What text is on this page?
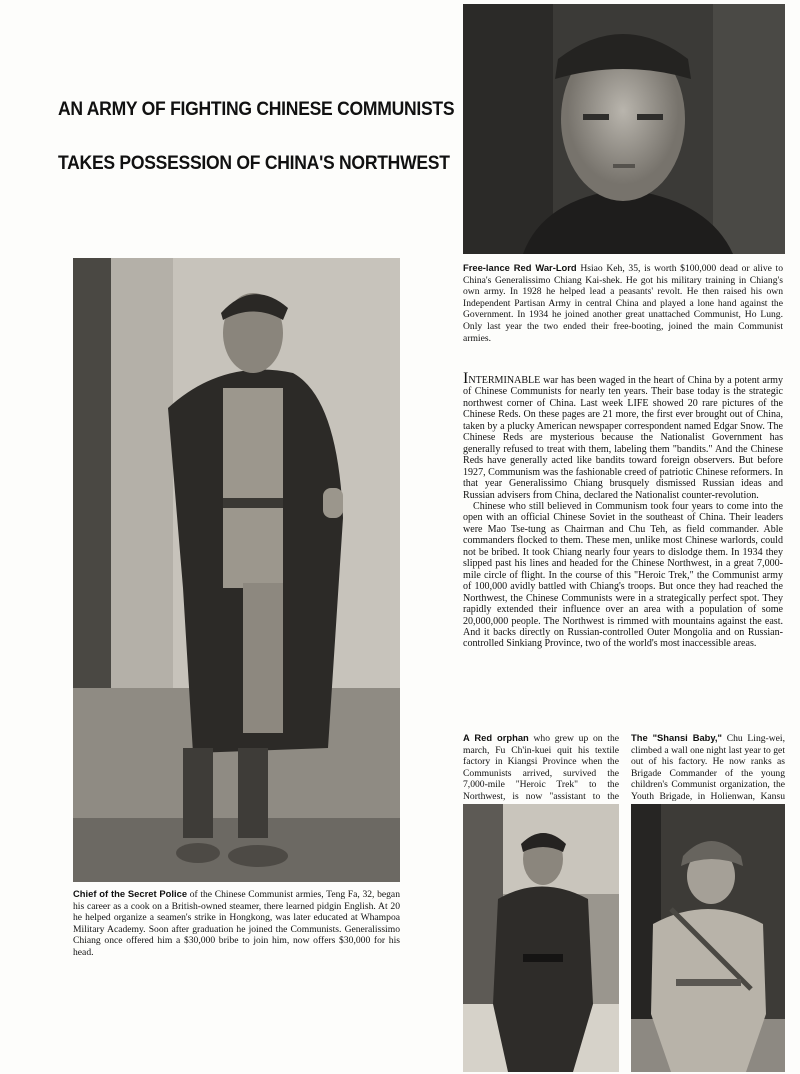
AN ARMY OF FIGHTING CHINESE COMMUNISTS
TAKES POSSESSION OF CHINA'S NORTHWEST
Free-lance Red War-Lord Hsiao Keh, 35, is worth $100,000 dead or alive to China's Generalissimo Chiang Kai-shek. He got his military training in Chiang's own army. In 1928 he helped lead a peasants' revolt. He then raised his own Independent Partisan Army in central China and played a lone hand against the Government. In 1934 he joined another great unattached Communist, Ho Lung. Only last year the two ended their free-booting, joined the main Communist armies.
Chief of the Secret Police of the Chinese Communist armies, Teng Fa, 32, began his career as a cook on a British-owned steamer, there learned pidgin English. At 20 he helped organize a seamen's strike in Hongkong, was later educated at Whampoa Military Academy. Soon after graduation he joined the Communists. Generalissimo Chiang once offered him a $30,000 bribe to join him, now offers $30,000 for his head.

INTERMINABLE war has been waged in the heart of China by a potent army of Chinese Communists for nearly ten years. Their base today is the strategic northwest corner of China. Last week LIFE showed 20 rare pictures of the Chinese Reds. On these pages are 21 more, the first ever brought out of China, taken by a plucky American newspaper correspondent named Edgar Snow. The Chinese Reds are mysterious because the Nationalist Government has generally refused to treat with them, labeling them "bandits." And the Chinese Reds have generally acted like bandits toward foreign observers. But before 1927, Communism was the fashionable creed of patriotic Chinese reformers. In that year Generalissimo Chiang brusquely dismissed Russian ideas and Russian advisers from China, declared the Nationalist counter-revolution.

Chinese who still believed in Communism took four years to come into the open with an official Chinese Soviet in the southeast of China. Their leaders were Mao Tse-tung as Chairman and Chu Teh, as field commander. Able commanders flocked to them. These men, unlike most Chinese warlords, could not be bribed. It took Chiang nearly four years to dislodge them. In 1934 they slipped past his lines and headed for the Chinese Northwest, in a great 7,000-mile circle of flight. In the course of this "Heroic Trek," the Communist army of 100,000 avidly battled with Chiang's troops. But once they had reached the Northwest, the Chinese Communists were in a strategically perfect spot. They rapidly extended their influence over an area with a population of some 20,000,000 people. The Northwest is rimmed with mountains against the east. And it backs directly on Russian-controlled Outer Mongolia and on Russian-controlled Sinkiang Province, two of the world's most inaccessible areas.

A Red orphan who grew up on the march, Fu Ch'in-kuei quit his textile factory in Kiangsi Province when the Communists arrived, survived the 7,000-mile "Heroic Trek" to the Northwest, is now "assistant to the
The "Shansi Baby," Chu Ling-wei, climbed a wall one night last year to get out of his factory. He now ranks as Brigade Commander of the young children's Communist organization, the Youth Brigade, in Holienwan, Kansu
